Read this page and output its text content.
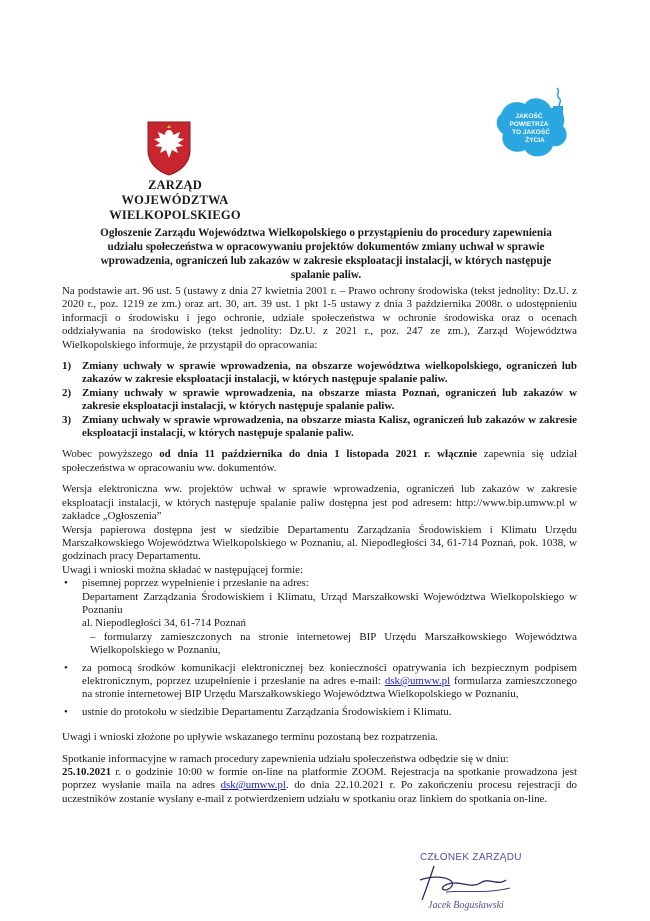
JAKOŚĆ
POWIETRZA
TO JAKOŚĆ
ŻYCIA
ZARZĄD
WOJEWÓDZTWA WIELKOPOLSKIEGO
Ogłoszenie Zarządu Województwa Wielkopolskiego o przystąpieniu do procedury zapewnienia udziału społeczeństwa w opracowywaniu projektów dokumentów zmiany uchwał w sprawie wprowadzenia, ograniczeń lub zakazów w zakresie eksploatacji instalacji, w których następuje spalanie paliw.

Na podstawie art. 96 ust. 5 (ustawy z dnia 27 kwietnia 2001 r. – Prawo ochrony środowiska (tekst jednolity: Dz.U. z 2020 r., poz. 1219 ze zm.) oraz art. 30, art. 39 ust. 1 pkt 1-5 ustawy z dnia 3 października 2008r. o udostępnieniu informacji o środowisku i jego ochronie, udziale społeczeństwa w ochronie środowiska oraz o ocenach oddziaływania na środowisko (tekst jednolity: Dz.U. z 2021 r., poz. 247 ze zm.), Zarząd Województwa Wielkopolskiego informuje, że przystąpił do opracowania:

1) Zmiany uchwały w sprawie wprowadzenia, na obszarze województwa wielkopolskiego, ograniczeń lub zakazów w zakresie eksploatacji instalacji, w których następuje spalanie paliw.
2) Zmiany uchwały w sprawie wprowadzenia, na obszarze miasta Poznań, ograniczeń lub zakazów w zakresie eksploatacji instalacji, w których następuje spalanie paliw.
3) Zmiany uchwały w sprawie wprowadzenia, na obszarze miasta Kalisz, ograniczeń lub zakazów w zakresie eksploatacji instalacji, w których następuje spalanie paliw.

Wobec powyższego od dnia 11 października do dnia 1 listopada 2021 r. włącznie zapewnia się udział społeczeństwa w opracowaniu ww. dokumentów.

Wersja elektroniczna ww. projektów uchwał w sprawie wprowadzenia, ograniczeń lub zakazów w zakresie eksploatacji instalacji, w których następuje spalanie paliw dostępna jest pod adresem: http://www.bip.umww.pl w zakładce „Ogłoszenia”

Wersja papierowa dostępna jest w siedzibie Departamentu Zarządzania Środowiskiem i Klimatu Urzędu Marszałkowskiego Województwa Wielkopolskiego w Poznaniu, al. Niepodległości 34, 61-714 Poznań, pok. 1038, w godzinach pracy Departamentu.

Uwagi i wnioski można składać w następującej formie:

• pisemnej poprzez wypełnienie i przesłanie na adres:
Departament Zarządzania Środowiskiem i Klimatu, Urząd Marszałkowski Województwa Wielkopolskiego w Poznaniu
al. Niepodległości 34, 61-714 Poznań
– formularzy zamieszczonych na stronie internetowej BIP Urzędu Marszałkowskiego Województwa Wielkopolskiego w Poznaniu,
• za pomocą środków komunikacji elektronicznej bez konieczności opatrywania ich bezpiecznym podpisem elektronicznym, poprzez uzupełnienie i przesłanie na adres e-mail: dsk@umww.pl formularza zamieszczonego na stronie internetowej BIP Urzędu Marszałkowskiego Województwa Wielkopolskiego w Poznaniu,
• ustnie do protokołu w siedzibie Departamentu Zarządzania Środowiskiem i Klimatu.

Uwagi i wnioski złożone po upływie wskazanego terminu pozostaną bez rozpatrzenia.

Spotkanie informacyjne w ramach procedury zapewnienia udziału społeczeństwa odbędzie się w dniu:
25.10.2021 r. o godzinie 10:00 w formie on-line na platformie ZOOM. Rejestracja na spotkanie prowadzona jest poprzez wysłanie maila na adres dsk@umww.pl. do dnia 22.10.2021 r. Po zakończeniu procesu rejestracji do uczestników zostanie wysłany e-mail z potwierdzeniem udziału w spotkaniu oraz linkiem do spotkania on-line.

CZŁONEK ZARZĄDU
Jacek Bogusławski
